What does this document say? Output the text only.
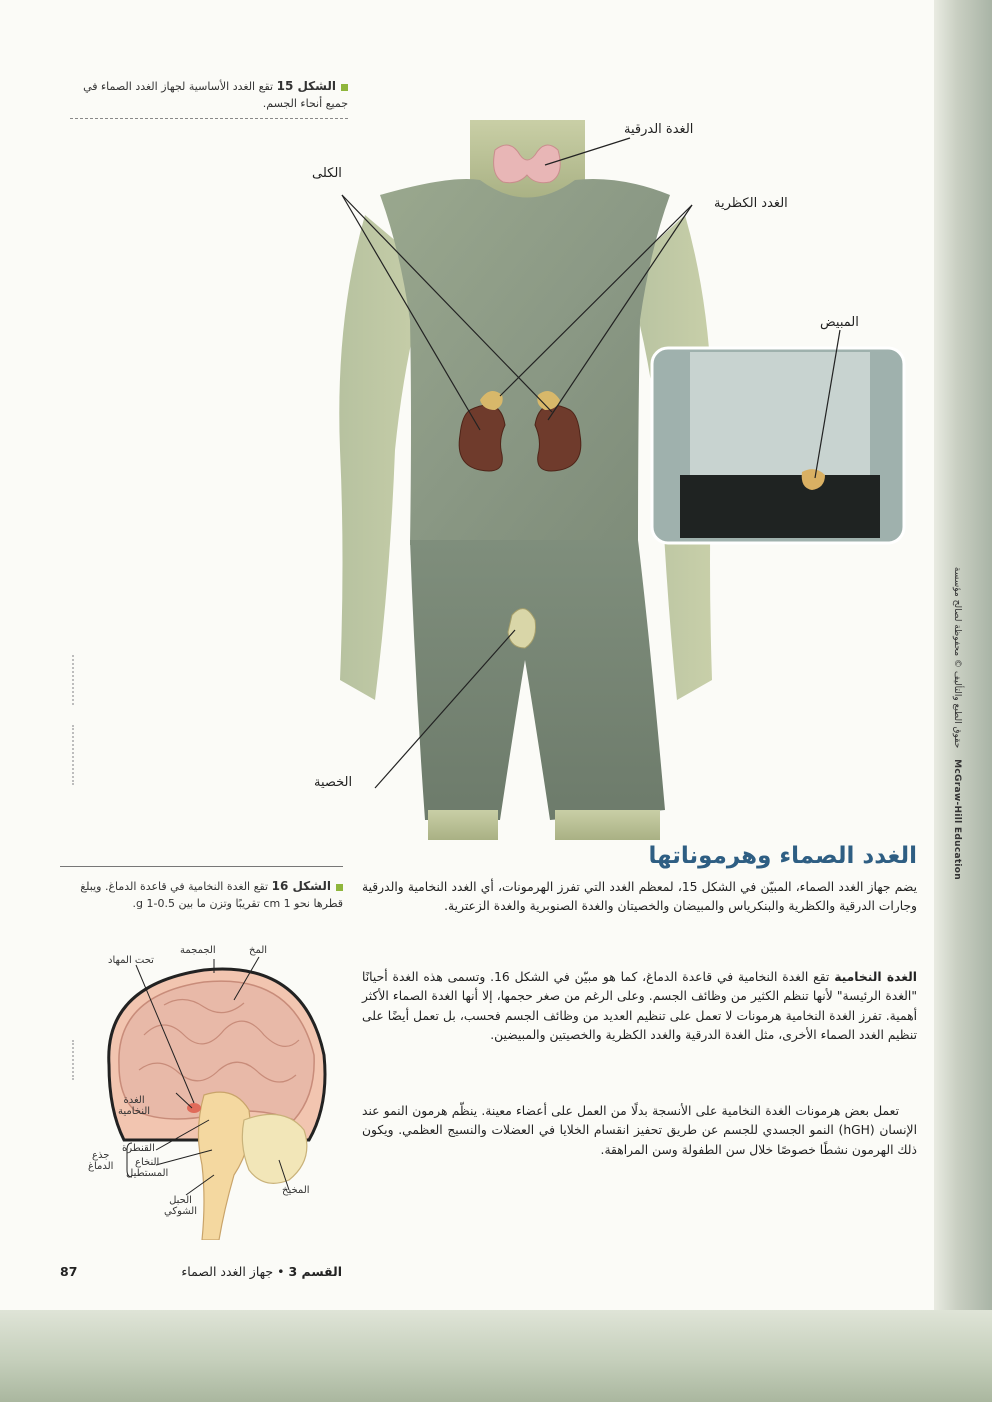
حقوق الطبع والتأليف © محفوظة لصالح مؤسسة McGraw-Hill Education
الشكل 15 تقع الغدد الأساسية لجهاز الغدد الصماء في جميع أنحاء الجسم.
الغدة الدرقية
الكلى
الغدد الكظرية
المبيض
الخصية
الشكل 16 تقع الغدة النخامية في قاعدة الدماغ. ويبلغ قطرها نحو 1 cm تقريبًا وتزن ما بين 0.5-1 g.
الجمجمة	المخ
تحت المهاد
الغدة
النخامية
القنطرة
النخاع
المستطيل
جذع
الدماغ
المخيخ
الحبل
الشوكي
الغدد الصماء وهرموناتها
يضم جهاز الغدد الصماء، المبيّن في الشكل 15، لمعظم الغدد التي تفرز الهرمونات، أي الغدد النخامية والدرقية وجارات الدرقية والكظرية والبنكرياس والمبيضان والخصيتان والغدة الصنوبرية والغدة الزعترية.
الغدة النخامية تقع الغدة النخامية في قاعدة الدماغ، كما هو مبيّن في الشكل 16. وتسمى هذه الغدة أحيانًا "الغدة الرئيسة" لأنها تنظم الكثير من وظائف الجسم. وعلى الرغم من صغر حجمها، إلا أنها الغدة الصماء الأكثر أهمية. تفرز الغدة النخامية هرمونات لا تعمل على تنظيم العديد من وظائف الجسم فحسب، بل تعمل أيضًا على تنظيم الغدد الصماء الأخرى، مثل الغدة الدرقية والغدد الكظرية والخصيتين والمبيضين.
تعمل بعض هرمونات الغدة النخامية على الأنسجة بدلًا من العمل على أعضاء معينة. ينظّم هرمون النمو عند الإنسان (hGH) النمو الجسدي للجسم عن طريق تحفيز انقسام الخلايا في العضلات والنسيج العظمي. ويكون ذلك الهرمون نشطًا خصوصًا خلال سن الطفولة وسن المراهقة.
87	القسم 3 • جهاز الغدد الصماء
